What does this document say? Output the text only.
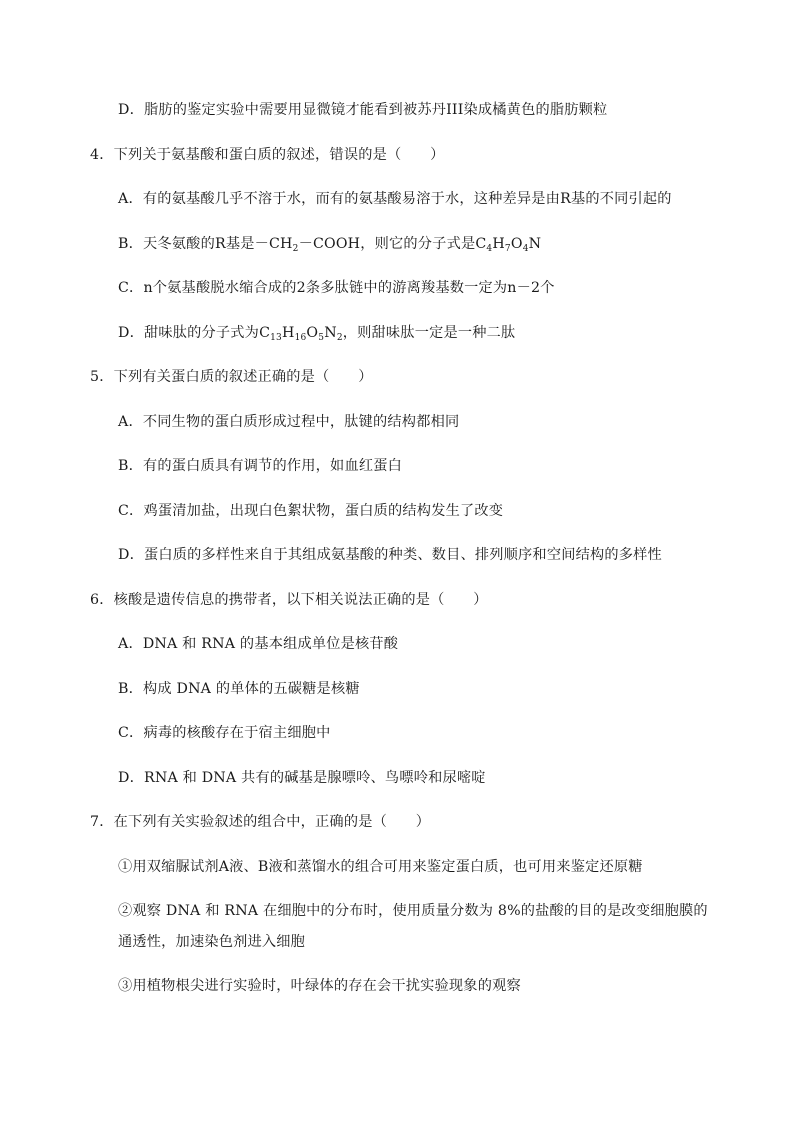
D．脂肪的鉴定实验中需要用显微镜才能看到被苏丹III染成橘黄色的脂肪颗粒
4．下列关于氨基酸和蛋白质的叙述，错误的是（　　）
A．有的氨基酸几乎不溶于水，而有的氨基酸易溶于水，这种差异是由R基的不同引起的
B．天冬氨酸的R基是$-CH_2-COOH$，则它的分子式是$C_4H_7O_4N$
C．n个氨基酸脱水缩合成的2条多肽链中的游离羧基数一定为n－2个
D．甜味肽的分子式为$C_{13}H_{16}O_5N_2$，则甜味肽一定是一种二肽
5．下列有关蛋白质的叙述正确的是（　　）
A．不同生物的蛋白质形成过程中，肽键的结构都相同
B．有的蛋白质具有调节的作用，如血红蛋白
C．鸡蛋清加盐，出现白色絮状物，蛋白质的结构发生了改变
D．蛋白质的多样性来自于其组成氨基酸的种类、数目、排列顺序和空间结构的多样性
6．核酸是遗传信息的携带者，以下相关说法正确的是（　　）
A．DNA 和 RNA 的基本组成单位是核苷酸
B．构成 DNA 的单体的五碳糖是核糖
C．病毒的核酸存在于宿主细胞中
D．RNA 和 DNA 共有的碱基是腺嘌呤、鸟嘌呤和尿嘧啶
7．在下列有关实验叙述的组合中，正确的是（　　）
①用双缩脲试剂A液、B液和蒸馏水的组合可用来鉴定蛋白质，也可用来鉴定还原糖
②观察 DNA 和 RNA 在细胞中的分布时，使用质量分数为 8%的盐酸的目的是改变细胞膜的
通透性，加速染色剂进入细胞
③用植物根尖进行实验时，叶绿体的存在会干扰实验现象的观察
